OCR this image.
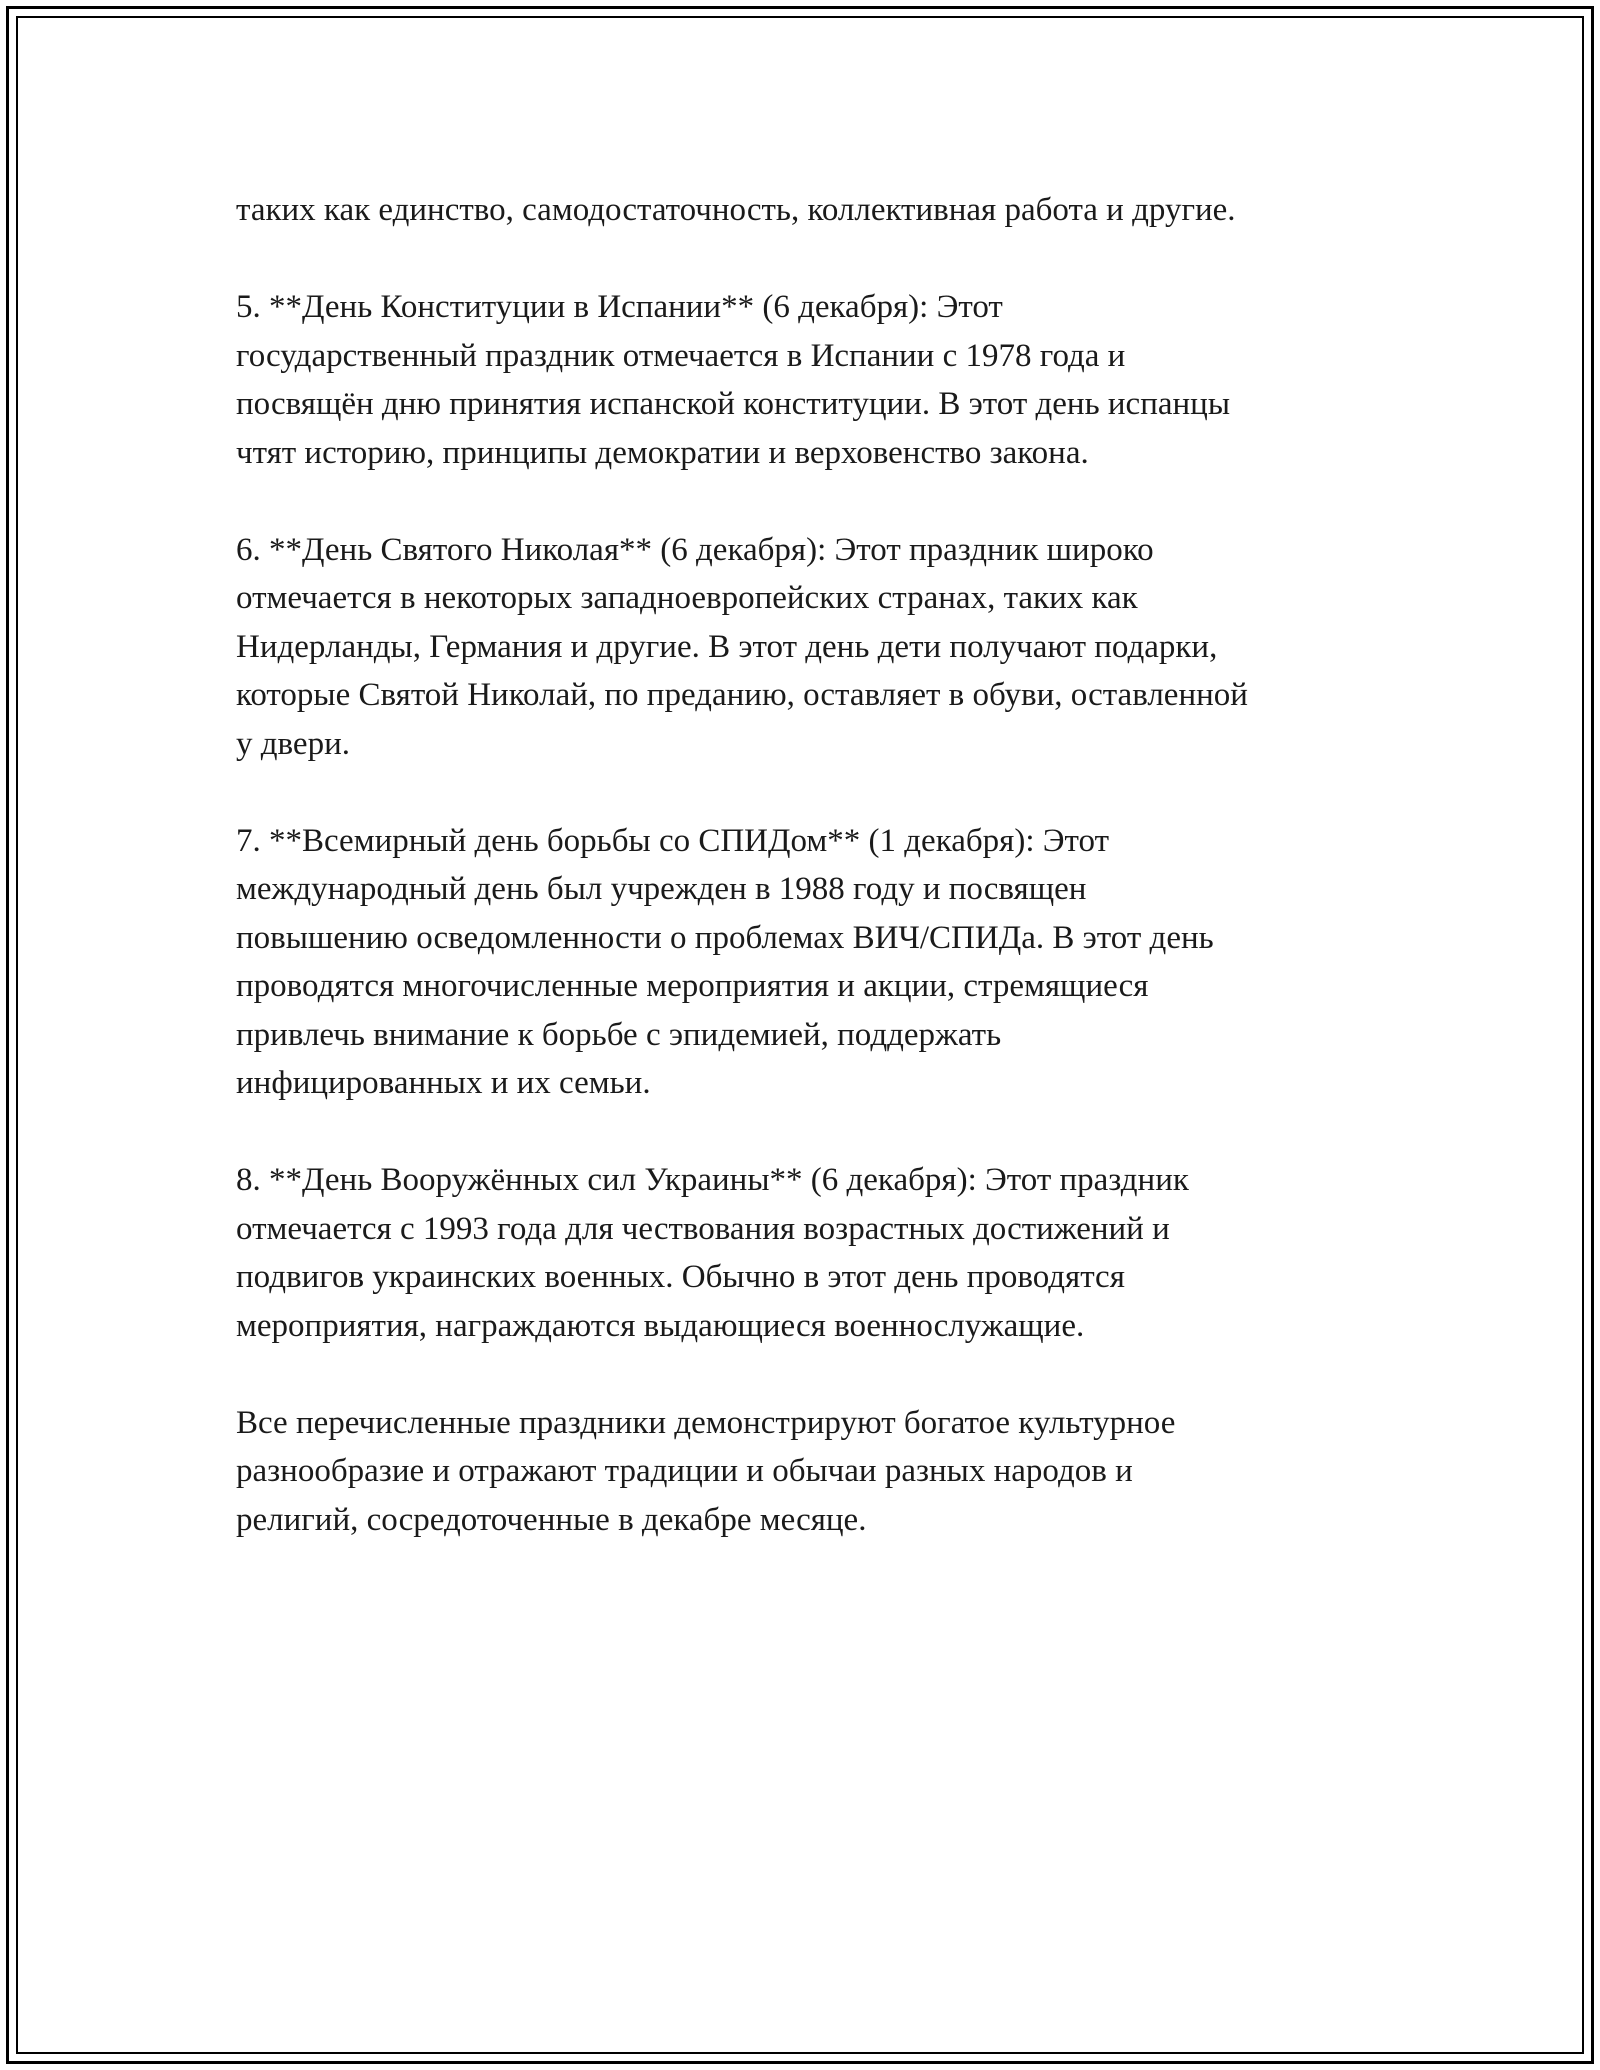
таких как единство, самодостаточность, коллективная работа и другие.

5. **День Конституции в Испании** (6 декабря): Этот
государственный праздник отмечается в Испании с 1978 года и
посвящён дню принятия испанской конституции. В этот день испанцы
чтят историю, принципы демократии и верховенство закона.

6. **День Святого Николая** (6 декабря): Этот праздник широко
отмечается в некоторых западноевропейских странах, таких как
Нидерланды, Германия и другие. В этот день дети получают подарки,
которые Святой Николай, по преданию, оставляет в обуви, оставленной
у двери.

7. **Всемирный день борьбы со СПИДом** (1 декабря): Этот
международный день был учрежден в 1988 году и посвящен
повышению осведомленности о проблемах ВИЧ/СПИДа. В этот день
проводятся многочисленные мероприятия и акции, стремящиеся
привлечь внимание к борьбе с эпидемией, поддержать
инфицированных и их семьи.

8. **День Вооружённых сил Украины** (6 декабря): Этот праздник
отмечается с 1993 года для чествования возрастных достижений и
подвигов украинских военных. Обычно в этот день проводятся
мероприятия, награждаются выдающиеся военнослужащие.

Все перечисленные праздники демонстрируют богатое культурное
разнообразие и отражают традиции и обычаи разных народов и
религий, сосредоточенные в декабре месяце.
